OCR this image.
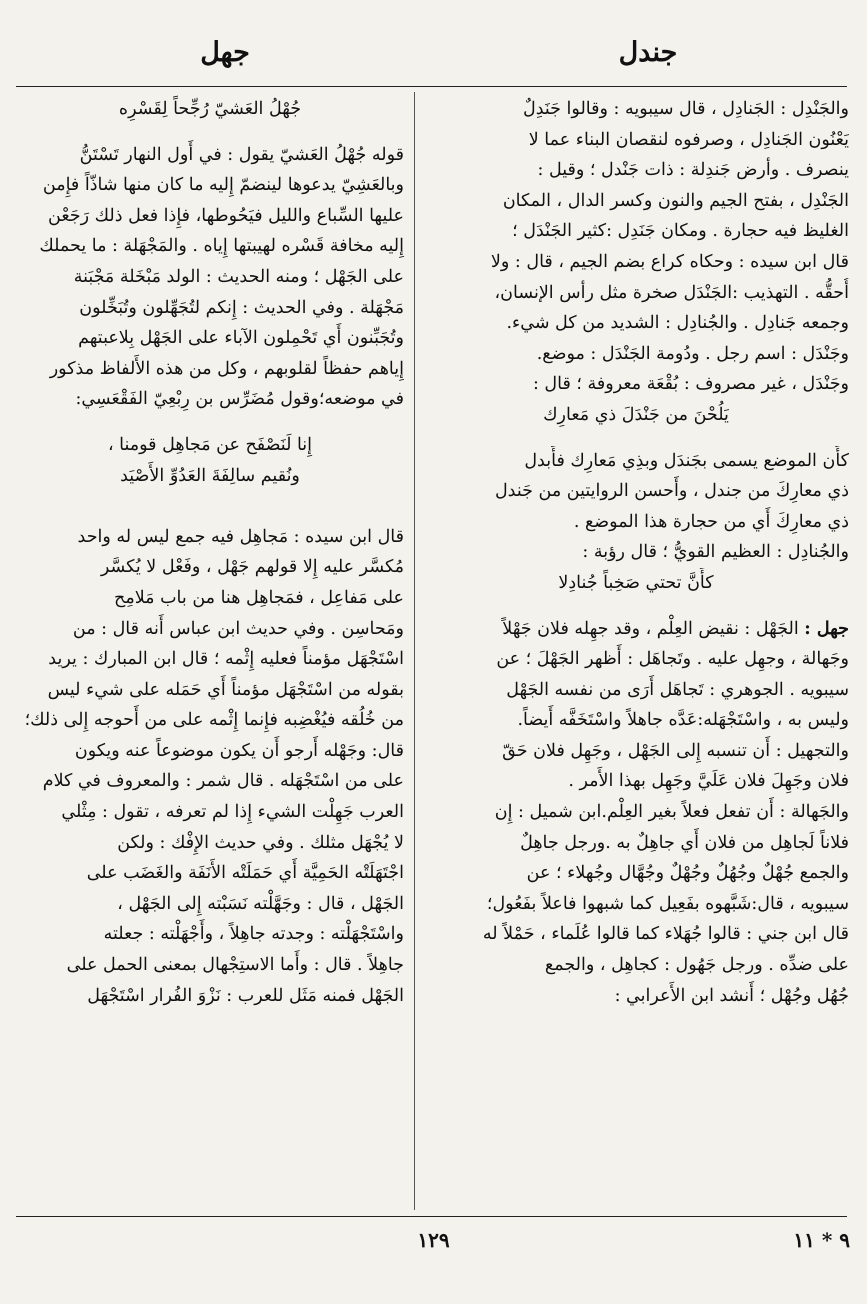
جندل
جهل
والجَنْدِل : الجَنادِل ، قال سيبويه : وقالوا جَنَدِلٌ
يَعْنُون الجَنادِل ، وصرفوه لنقصان البناء عما لا
ينصرف . وأرض جَندِلة : ذات جَنْدل ؛ وقيل :
الجَنْدِل ، بفتح الجيم والنون وكسر الدال ، المكان
الغليظ فيه حجارة . ومكان جَنَدِل :كثير الجَنْدَل ؛
قال ابن سيده : وحكاه كراع بضم الجيم ، قال : ولا
أُحقُّه . التهذيب :الجَنْدَل صخرة مثل رأس الإنسان،
وجمعه جَنادِل . والجُنادِل : الشديد من كل شيء.
وجَنْدَل : اسم رجل . ودُومة الجَنْدَل : موضع.
وجَنْدَل ، غير مصروف : بُقْعَة معروفة ؛ قال :
يَلُحْنَ من جَنْدَلَ ذي مَعارِك
كأَن الموضع يسمى بجَندَل وبذِي مَعارِك فأَبدل
ذي معارِكَ من جندل ، وأَحسن الروايتين من جَندل
ذي معارِكَ أَي من حجارة هذا الموضع .
والجُنادِل : العظيم القويُّ ؛ قال رؤبة :
كأَنَّ تحتي صَخِباً جُنادِلا
جهل : الجَهْل : نقيض العِلْم ، وقد جهِله فلان جَهْلاً
وجَهالة ، وجهِل عليه . وتَجاهَل : أَظهر الجَهْلَ ؛ عن
سيبويه . الجوهري : تَجاهَل أَرَى من نفسه الجَهْل
وليس به ، واسْتَجْهَله:عَدَّه جاهلاً واسْتَخَفَّه أَيضاً.
والتجهيل : أَن تنسبه إِلى الجَهْل ، وجَهِل فلان حَقّ
فلان وجَهِلَ فلان عَلَيَّ وجَهِل بهذا الأَمر .
والجَهالة : أَن تفعل فعلاً بغير العِلْم.ابن شميل : إِن
فلاناً لَجاهِل من فلان أَي جاهِلٌ به .ورجل جاهِلٌ
والجمع جُهْلٌ وجُهُلٌ وجُهْلٌ وجُهَّال وجُهلاء ؛ عن
سيبويه ، قال:شَبَّهوه بفَعِيل كما شبهوا فاعلاً بفَعُول؛
قال ابن جني : قالوا جُهَلاء كما قالوا عُلَماء ، حَمْلاً له
على ضدِّه . ورجل جَهُول : كجاهِل ، والجمع
جُهُل وجُهْل ؛ أَنشد ابن الأَعرابي :
جُهْلُ العَشيّ رُجِّحاً لِقَسْرِه
قوله جُهْلُ العَشيّ يقول : في أَول النهار تَسْتَنُّ
وبالعَشِيّ يدعوها لينضمّ إِليه ما كان منها شاذّاً فإِمن
عليها السِّباع والليل فيَحُوطها، فإِذا فعل ذلك رَجَعْن
إِليه مخافة قَسْره لهيبتها إِياه . والمَجْهَلة : ما يحملك
على الجَهْل ؛ ومنه الحديث : الولد مَبْخَلة مَجْبَنة
مَجْهَلة . وفي الحديث : إِنكم لتُجَهِّلون وتُبَخِّلون
وتُجَبِّنون أَي تَحْمِلون الآباء على الجَهْل بِلاعبتهم
إِياهم حفظاً لقلوبهم ، وكل من هذه الأَلفاظ مذكور
في موضعه؛وقول مُضَرِّس بن رِبْعِيّ الفَقْعَسِي:
إِنا لَنَصْفَح عن مَجاهِل قومنا ،
ونُقيم سالِفَةَ العَدُوِّ الأَصْيَد
قال ابن سيده : مَجاهِل فيه جمع ليس له واحد
مُكسَّر عليه إِلا قولهم جَهْل ، وفَعْل لا يُكسَّر
على مَفاعِل ، فمَجاهِل هنا من باب مَلامِح
ومَحاسِن . وفي حديث ابن عباس أَنه قال : من
اسْتَجْهَل مؤمناً فعليه إِثْمه ؛ قال ابن المبارك : يريد
بقوله من اسْتَجْهَل مؤمناً أَي حَمَله على شيء ليس
من خُلُقه فيُغْضِبه فإِنما إِثْمه على من أَحوجه إِلى ذلك؛
قال: وجَهْله أَرجو أَن يكون موضوعاً عنه ويكون
على من اسْتَجْهَله . قال شمر : والمعروف في كلام
العرب جَهِلْت الشيء إِذا لم تعرفه ، تقول : مِثْلي
لا يُجْهَل مثلك . وفي حديث الإِفْك : ولكن
اجْتَهَلَتْه الحَمِيَّة أَي حَمَلَتْه الأَنَفَة والغَضَب على
الجَهْل ، قال : وجَهَّلْته نَسَبْته إِلى الجَهْل ،
واسْتَجْهَلْته : وجدته جاهِلاً ، وأَجْهَلْته : جعلته
جاهِلاً . قال : وأَما الاستِجْهال بمعنى الحمل على
الجَهْل فمنه مَثَل للعرب : نَزْوَ الفُرار اسْتَجْهَل
١٢٩	٩ * ١١
